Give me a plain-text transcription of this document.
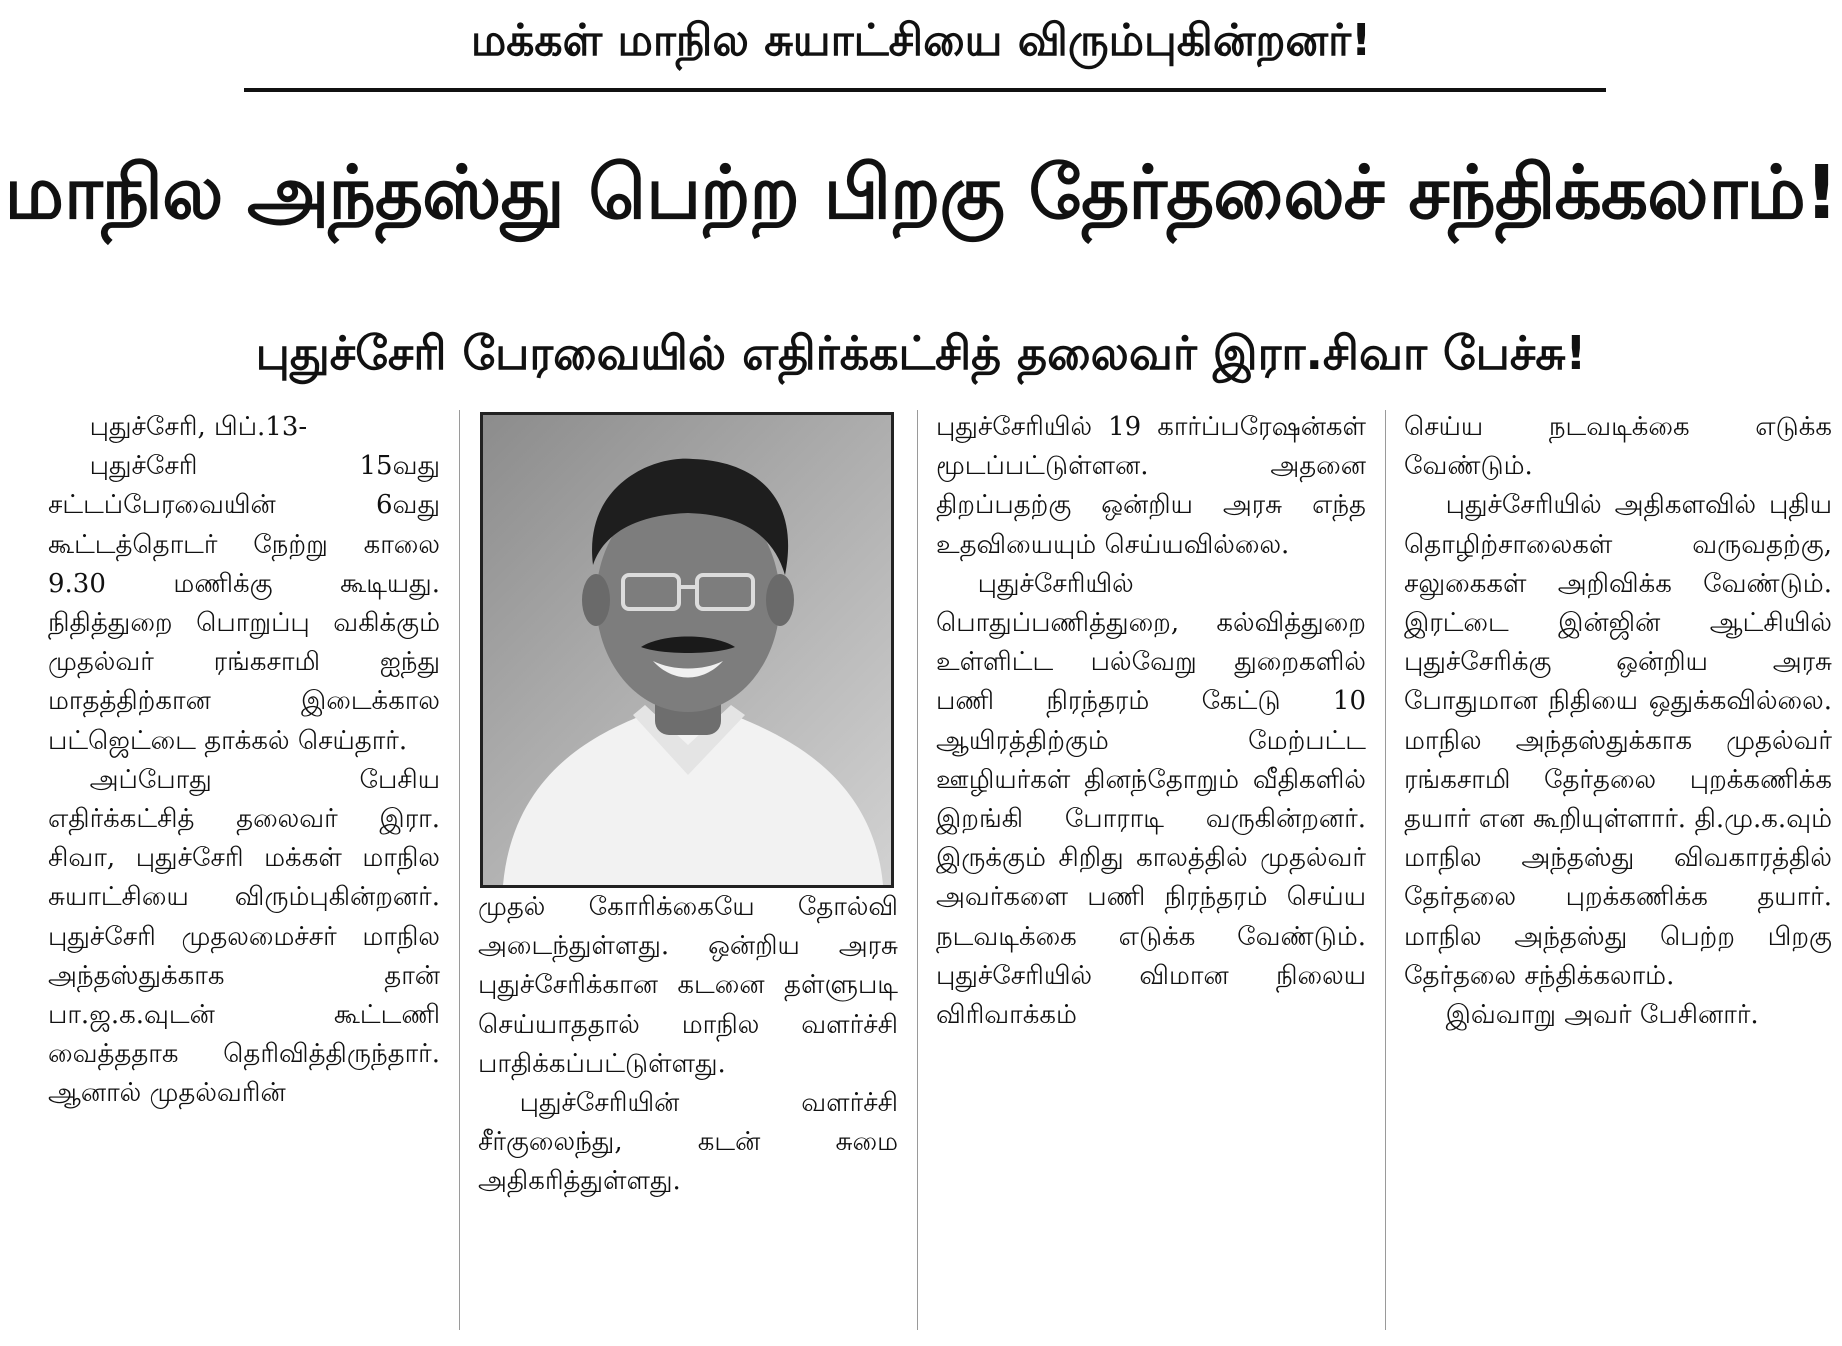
மக்கள் மாநில சுயாட்சியை விரும்புகின்றனர்!
மாநில அந்தஸ்து பெற்ற பிறகு தேர்தலைச் சந்திக்கலாம்!
புதுச்சேரி பேரவையில் எதிர்க்கட்சித் தலைவர் இரா.சிவா பேச்சு!

புதுச்சேரி, பிப்.13-

புதுச்சேரி 15வது சட்டப்பேரவையின் 6வது கூட்டத்தொடர் நேற்று காலை 9.30 மணிக்கு கூடியது. நிதித்துறை பொறுப்பு வகிக்கும் முதல்வர் ரங்கசாமி ஐந்து மாதத்திற்கான இடைக்கால பட்ஜெட்டை தாக்கல் செய்தார்.

அப்போது பேசிய எதிர்க்கட்சித் தலைவர் இரா. சிவா, புதுச்சேரி மக்கள் மாநில சுயாட்சியை விரும்புகின்றனர். புதுச்சேரி முதலமைச்சர் மாநில அந்தஸ்துக்காக தான் பா.ஜ.க.வுடன் கூட்டணி வைத்ததாக தெரிவித்திருந்தார். ஆனால் முதல்வரின்

முதல் கோரிக்கையே தோல்வி அடைந்துள்ளது. ஒன்றிய அரசு புதுச்சேரிக்கான கடனை தள்ளுபடி செய்யாததால் மாநில வளர்ச்சி பாதிக்கப்பட்டுள்ளது.

புதுச்சேரியின் வளர்ச்சி சீர்குலைந்து, கடன் சுமை அதிகரித்துள்ளது.

புதுச்சேரியில் 19 கார்ப்பரேஷன்கள் மூடப்பட்டுள்ளன. அதனை திறப்பதற்கு ஒன்றிய அரசு எந்த உதவியையும் செய்யவில்லை.

புதுச்சேரியில் பொதுப்பணித்துறை, கல்வித்துறை உள்ளிட்ட பல்வேறு துறைகளில் பணி நிரந்தரம் கேட்டு 10 ஆயிரத்திற்கும் மேற்பட்ட ஊழியர்கள் தினந்தோறும் வீதிகளில் இறங்கி போராடி வருகின்றனர். இருக்கும் சிறிது காலத்தில் முதல்வர் அவர்களை பணி நிரந்தரம் செய்ய நடவடிக்கை எடுக்க வேண்டும். புதுச்சேரியில் விமான நிலைய விரிவாக்கம்

செய்ய நடவடிக்கை எடுக்க வேண்டும்.

புதுச்சேரியில் அதிகளவில் புதிய தொழிற்சாலைகள் வருவதற்கு, சலுகைகள் அறிவிக்க வேண்டும். இரட்டை இன்ஜின் ஆட்சியில் புதுச்சேரிக்கு ஒன்றிய அரசு போதுமான நிதியை ஒதுக்கவில்லை. மாநில அந்தஸ்துக்காக முதல்வர் ரங்கசாமி தேர்தலை புறக்கணிக்க தயார் என கூறியுள்ளார். தி.மு.க.வும் மாநில அந்தஸ்து விவகாரத்தில் தேர்தலை புறக்கணிக்க தயார். மாநில அந்தஸ்து பெற்ற பிறகு தேர்தலை சந்திக்கலாம்.

இவ்வாறு அவர் பேசினார்.
